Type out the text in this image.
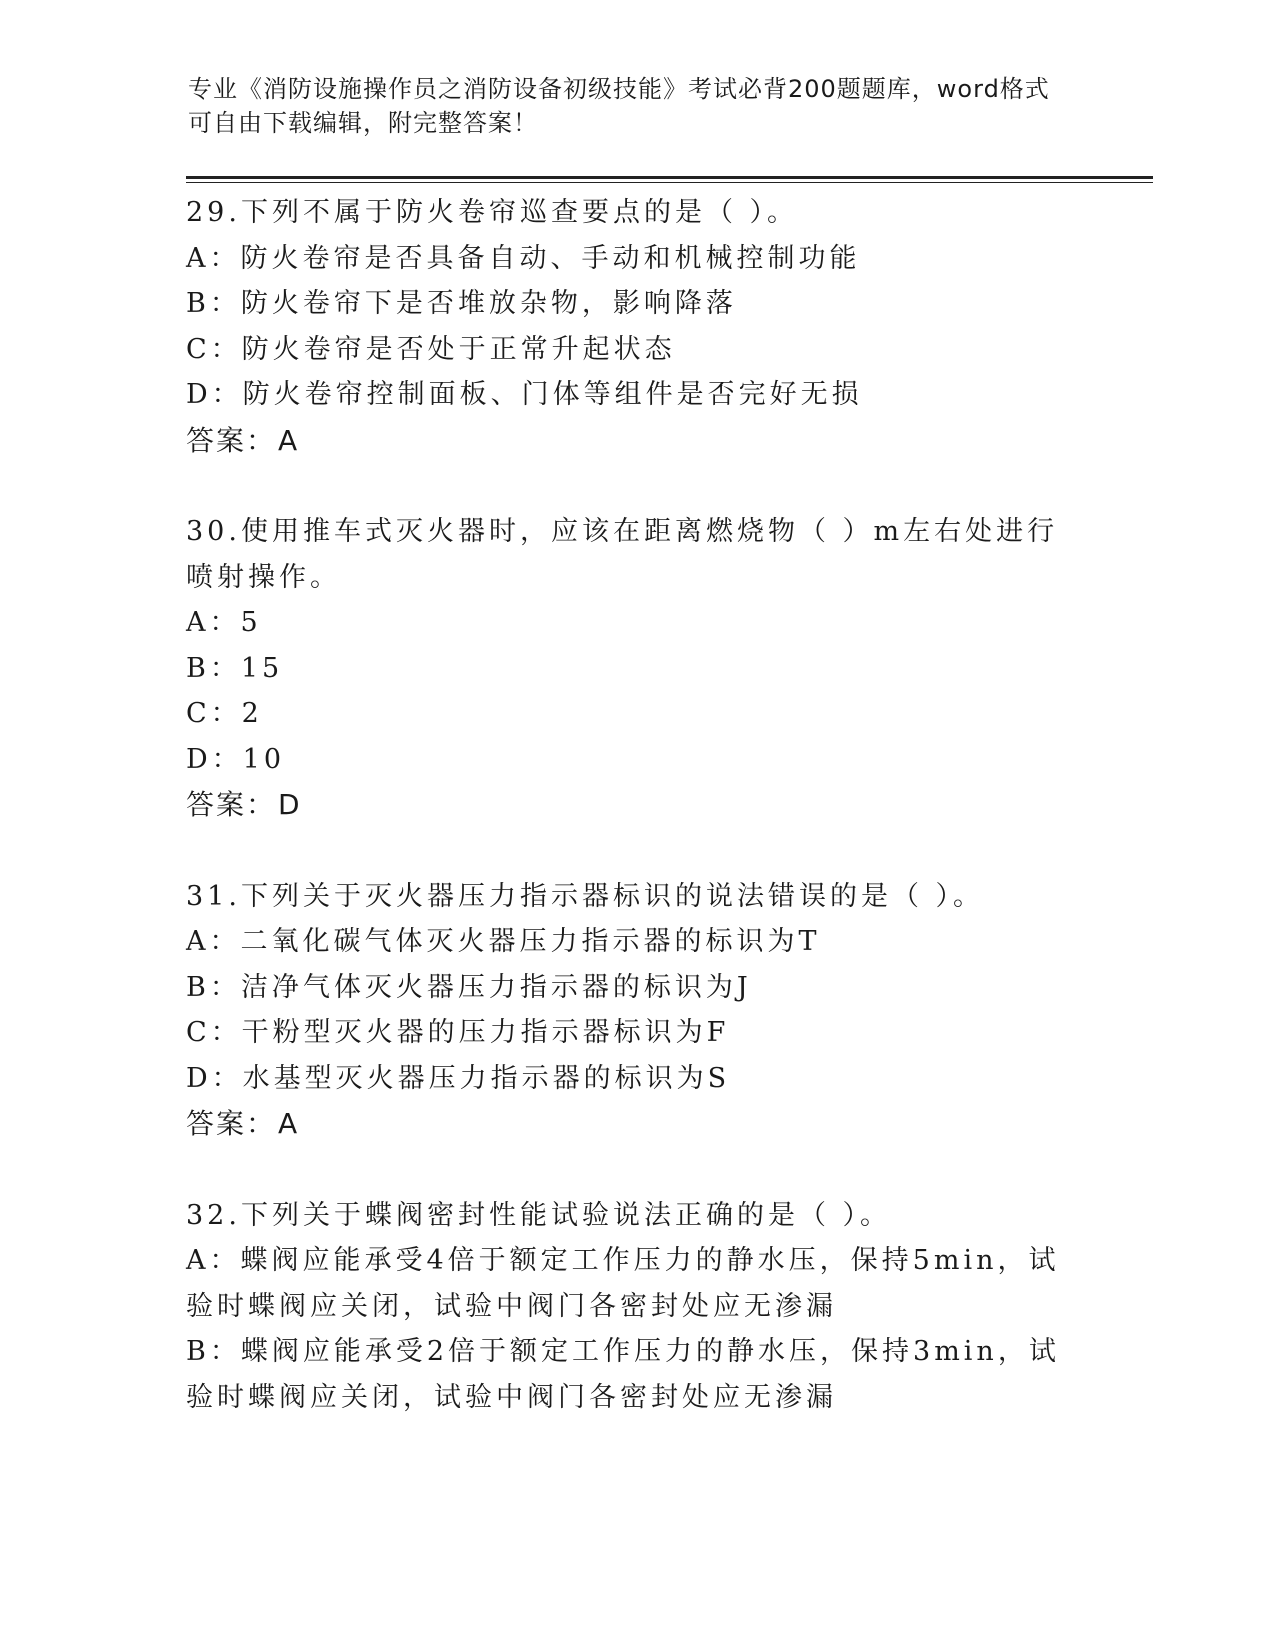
专业《消防设施操作员之消防设备初级技能》考试必背200题题库，word格式可自由下载编辑，附完整答案！
29.下列不属于防火卷帘巡查要点的是（ ）。
A：防火卷帘是否具备自动、手动和机械控制功能
B：防火卷帘下是否堆放杂物，影响降落
C：防火卷帘是否处于正常升起状态
D：防火卷帘控制面板、门体等组件是否完好无损
答案：A
30.使用推车式灭火器时，应该在距离燃烧物（ ）m左右处进行喷射操作。
A：5
B：15
C：2
D：10
答案：D
31.下列关于灭火器压力指示器标识的说法错误的是（ ）。
A：二氧化碳气体灭火器压力指示器的标识为T
B：洁净气体灭火器压力指示器的标识为J
C：干粉型灭火器的压力指示器标识为F
D：水基型灭火器压力指示器的标识为S
答案：A
32.下列关于蝶阀密封性能试验说法正确的是（ ）。
A：蝶阀应能承受4倍于额定工作压力的静水压，保持5min，试验时蝶阀应关闭，试验中阀门各密封处应无渗漏
B：蝶阀应能承受2倍于额定工作压力的静水压，保持3min，试验时蝶阀应关闭，试验中阀门各密封处应无渗漏
